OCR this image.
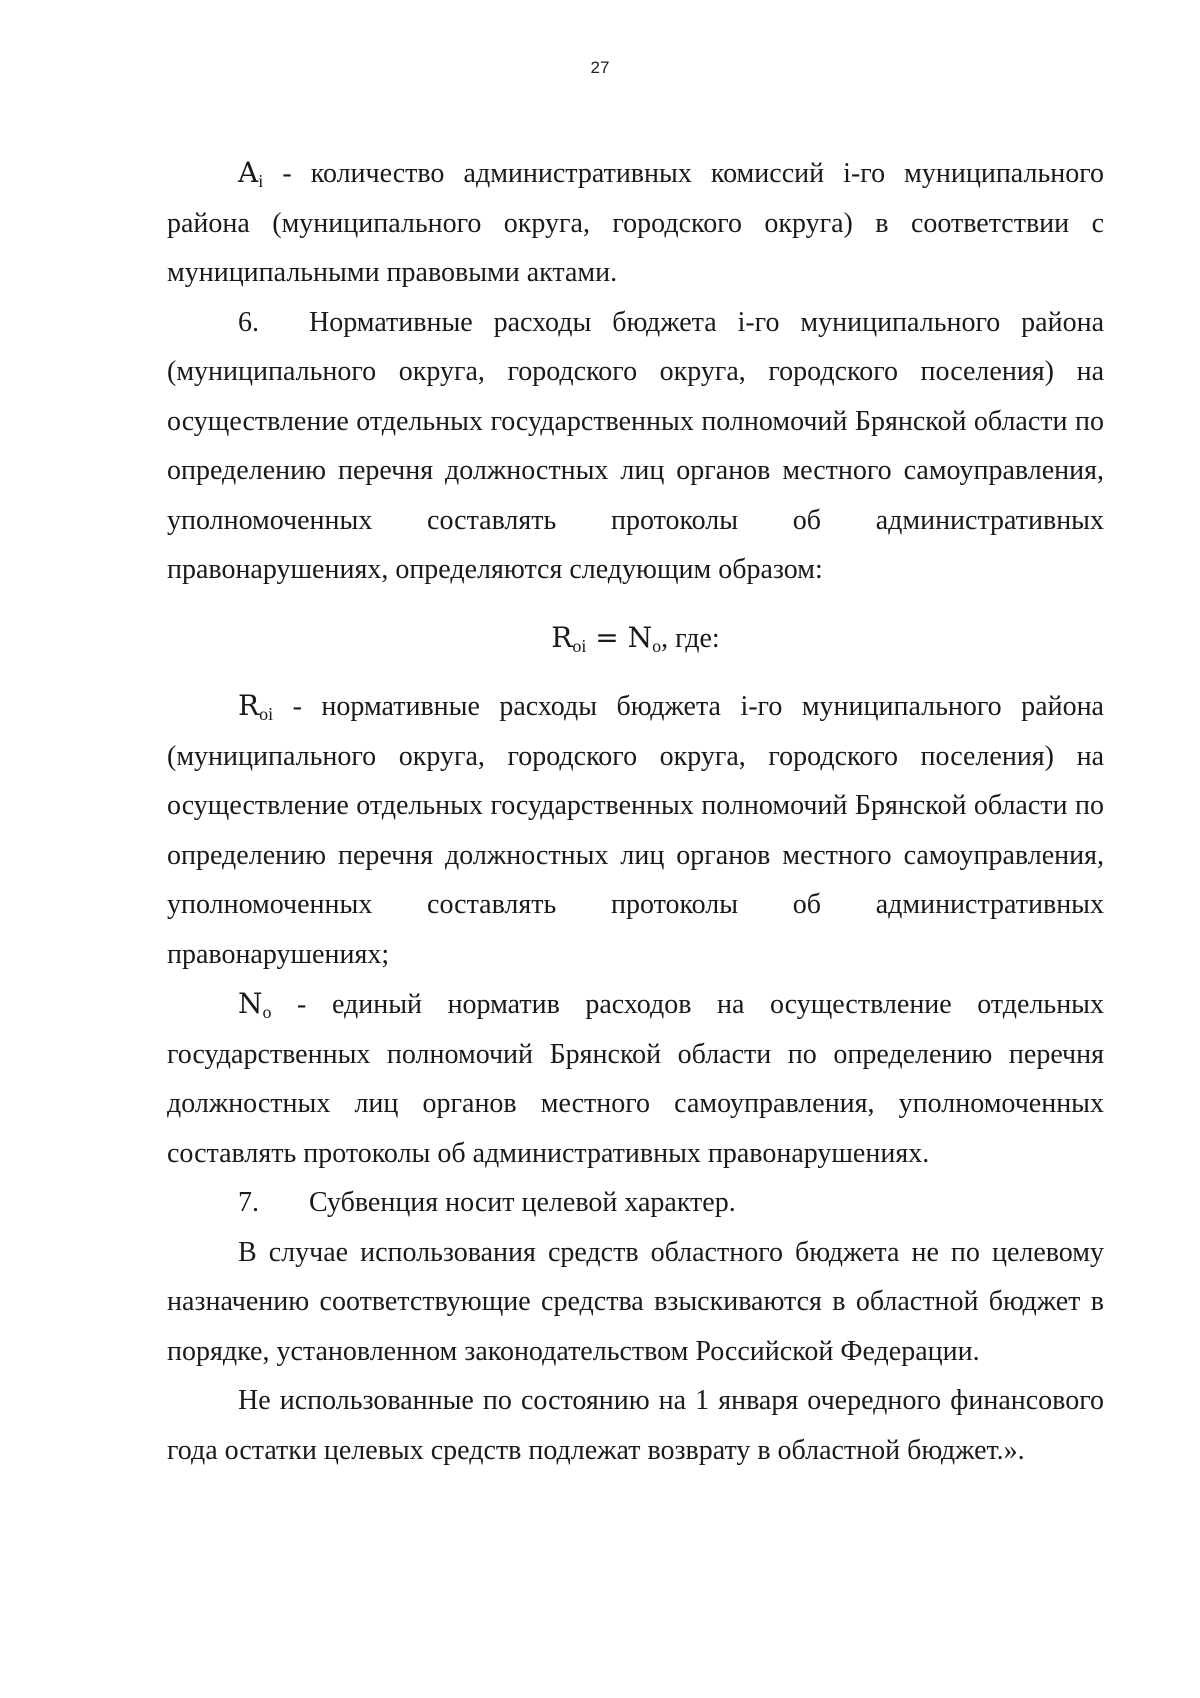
27

$A_i$ - количество административных комиссий i-го муниципального района (муниципального округа, городского округа) в соответствии с муниципальными правовыми актами.

6. Нормативные расходы бюджета i-го муниципального района (муниципального округа, городского округа, городского поселения) на осуществление отдельных государственных полномочий Брянской области по определению перечня должностных лиц органов местного самоуправления, уполномоченных составлять протоколы об административных правонарушениях, определяются следующим образом:

$R_{oi} = N_o$, где:

$R_{oi}$ - нормативные расходы бюджета i-го муниципального района (муниципального округа, городского округа, городского поселения) на осуществление отдельных государственных полномочий Брянской области по определению перечня должностных лиц органов местного самоуправления, уполномоченных составлять протоколы об административных правонарушениях;

$N_o$ - единый норматив расходов на осуществление отдельных государственных полномочий Брянской области по определению перечня должностных лиц органов местного самоуправления, уполномоченных составлять протоколы об административных правонарушениях.

7. Субвенция носит целевой характер.

В случае использования средств областного бюджета не по целевому назначению соответствующие средства взыскиваются в областной бюджет в порядке, установленном законодательством Российской Федерации.

Не использованные по состоянию на 1 января очередного финансового года остатки целевых средств подлежат возврату в областной бюджет.».
